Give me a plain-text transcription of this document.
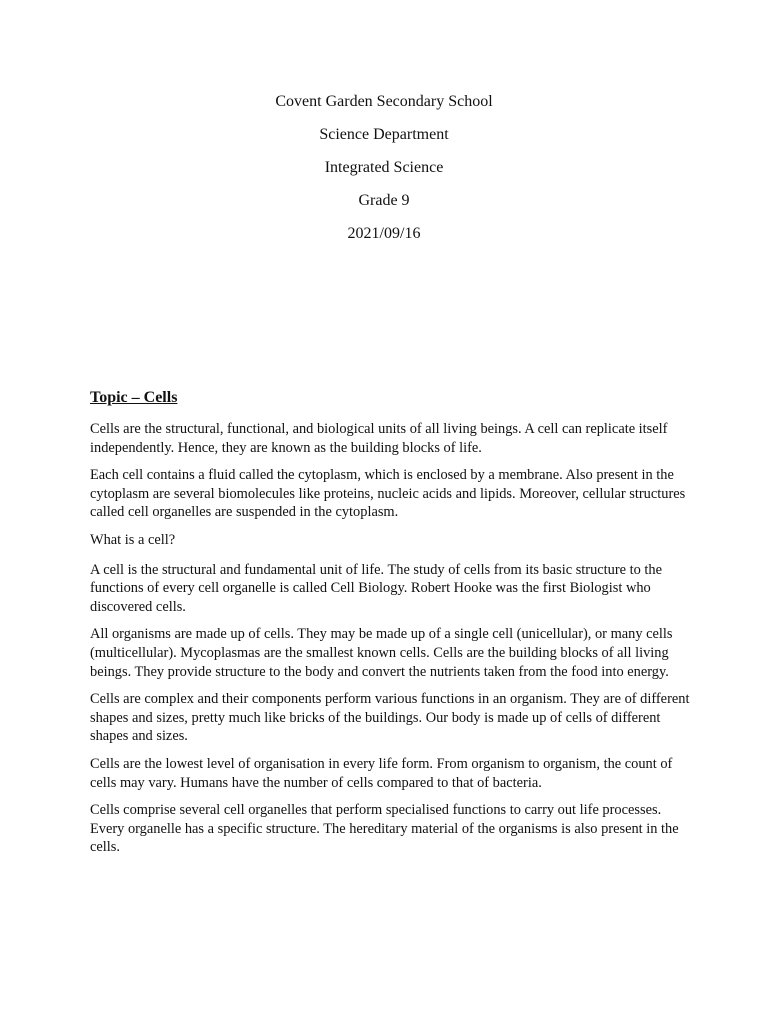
Covent Garden Secondary School
Science Department
Integrated Science
Grade 9
2021/09/16
Topic – Cells

Cells are the structural, functional, and biological units of all living beings. A cell can replicate itself independently. Hence, they are known as the building blocks of life.

Each cell contains a fluid called the cytoplasm, which is enclosed by a membrane. Also present in the cytoplasm are several biomolecules like proteins, nucleic acids and lipids. Moreover, cellular structures called cell organelles are suspended in the cytoplasm.

What is a cell?

A cell is the structural and fundamental unit of life. The study of cells from its basic structure to the functions of every cell organelle is called Cell Biology. Robert Hooke was the first Biologist who discovered cells.

All organisms are made up of cells. They may be made up of a single cell (unicellular), or many cells (multicellular). Mycoplasmas are the smallest known cells. Cells are the building blocks of all living beings. They provide structure to the body and convert the nutrients taken from the food into energy.

Cells are complex and their components perform various functions in an organism. They are of different shapes and sizes, pretty much like bricks of the buildings. Our body is made up of cells of different shapes and sizes.

Cells are the lowest level of organisation in every life form. From organism to organism, the count of cells may vary. Humans have the number of cells compared to that of bacteria.

Cells comprise several cell organelles that perform specialised functions to carry out life processes. Every organelle has a specific structure. The hereditary material of the organisms is also present in the cells.
